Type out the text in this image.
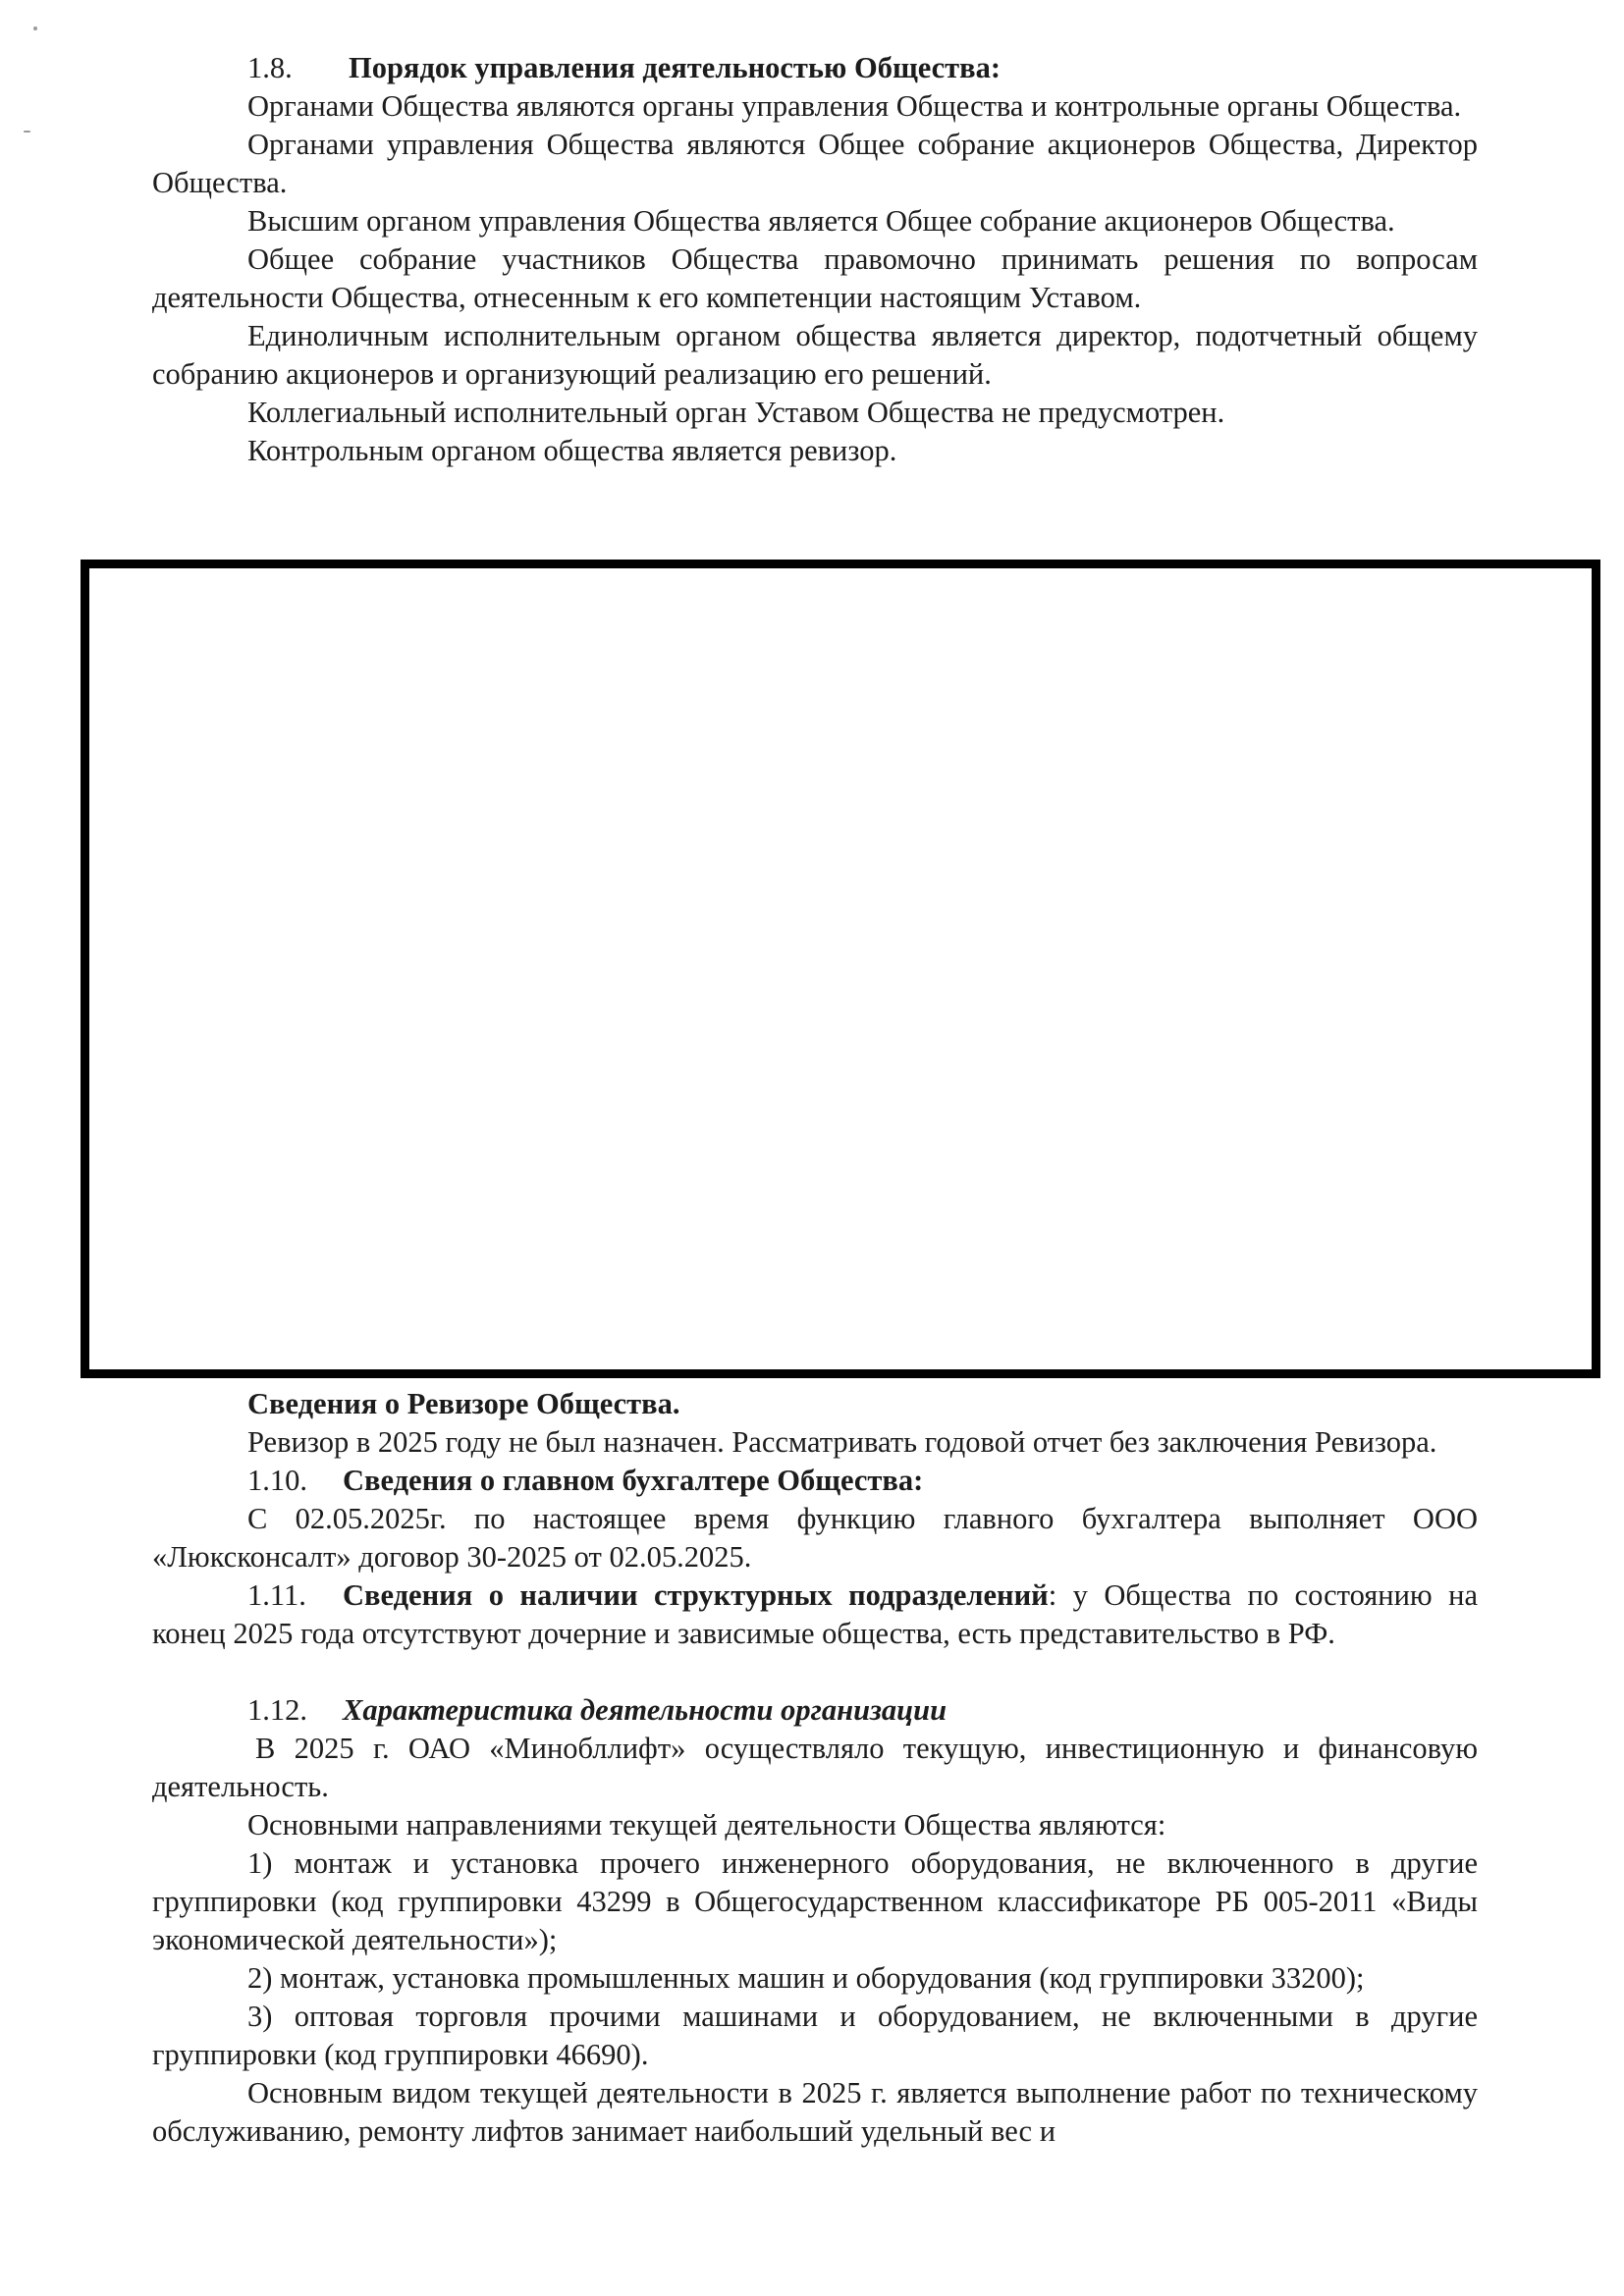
1.8. Порядок управления деятельностью Общества:

Органами Общества являются органы управления Общества и контрольные органы Общества.

Органами управления Общества являются Общее собрание акционеров Общества, Директор Общества.

Высшим органом управления Общества является Общее собрание акционеров Общества.

Общее собрание участников Общества правомочно принимать решения по вопросам деятельности Общества, отнесенным к его компетенции настоящим Уставом.

Единоличным исполнительным органом общества является директор, подотчетный общему собранию акционеров и организующий реализацию его решений.

Коллегиальный исполнительный орган Уставом Общества не предусмотрен.

Контрольным органом общества является ревизор.

Сведения о Ревизоре Общества.

Ревизор в 2025 году не был назначен. Рассматривать годовой отчет без заключения Ревизора.

1.10. Сведения о главном бухгалтере Общества:

С 02.05.2025г. по настоящее время функцию главного бухгалтера выполняет ООО «Люксконсалт» договор 30-2025 от 02.05.2025.

1.11. Сведения о наличии структурных подразделений: у Общества по состоянию на конец 2025 года отсутствуют дочерние и зависимые общества, есть представительство в РФ.

1.12. Характеристика деятельности организации

В 2025 г. ОАО «Минобллифт» осуществляло текущую, инвестиционную и финансовую деятельность.

Основными направлениями текущей деятельности Общества являются:

1) монтаж и установка прочего инженерного оборудования, не включенного в другие группировки (код группировки 43299 в Общегосударственном классификаторе РБ 005-2011 «Виды экономической деятельности»);

2) монтаж, установка промышленных машин и оборудования (код группировки 33200);

3) оптовая торговля прочими машинами и оборудованием, не включенными в другие группировки (код группировки 46690).

Основным видом текущей деятельности в 2025 г. является выполнение работ по техническому обслуживанию, ремонту лифтов занимает наибольший удельный вес и
